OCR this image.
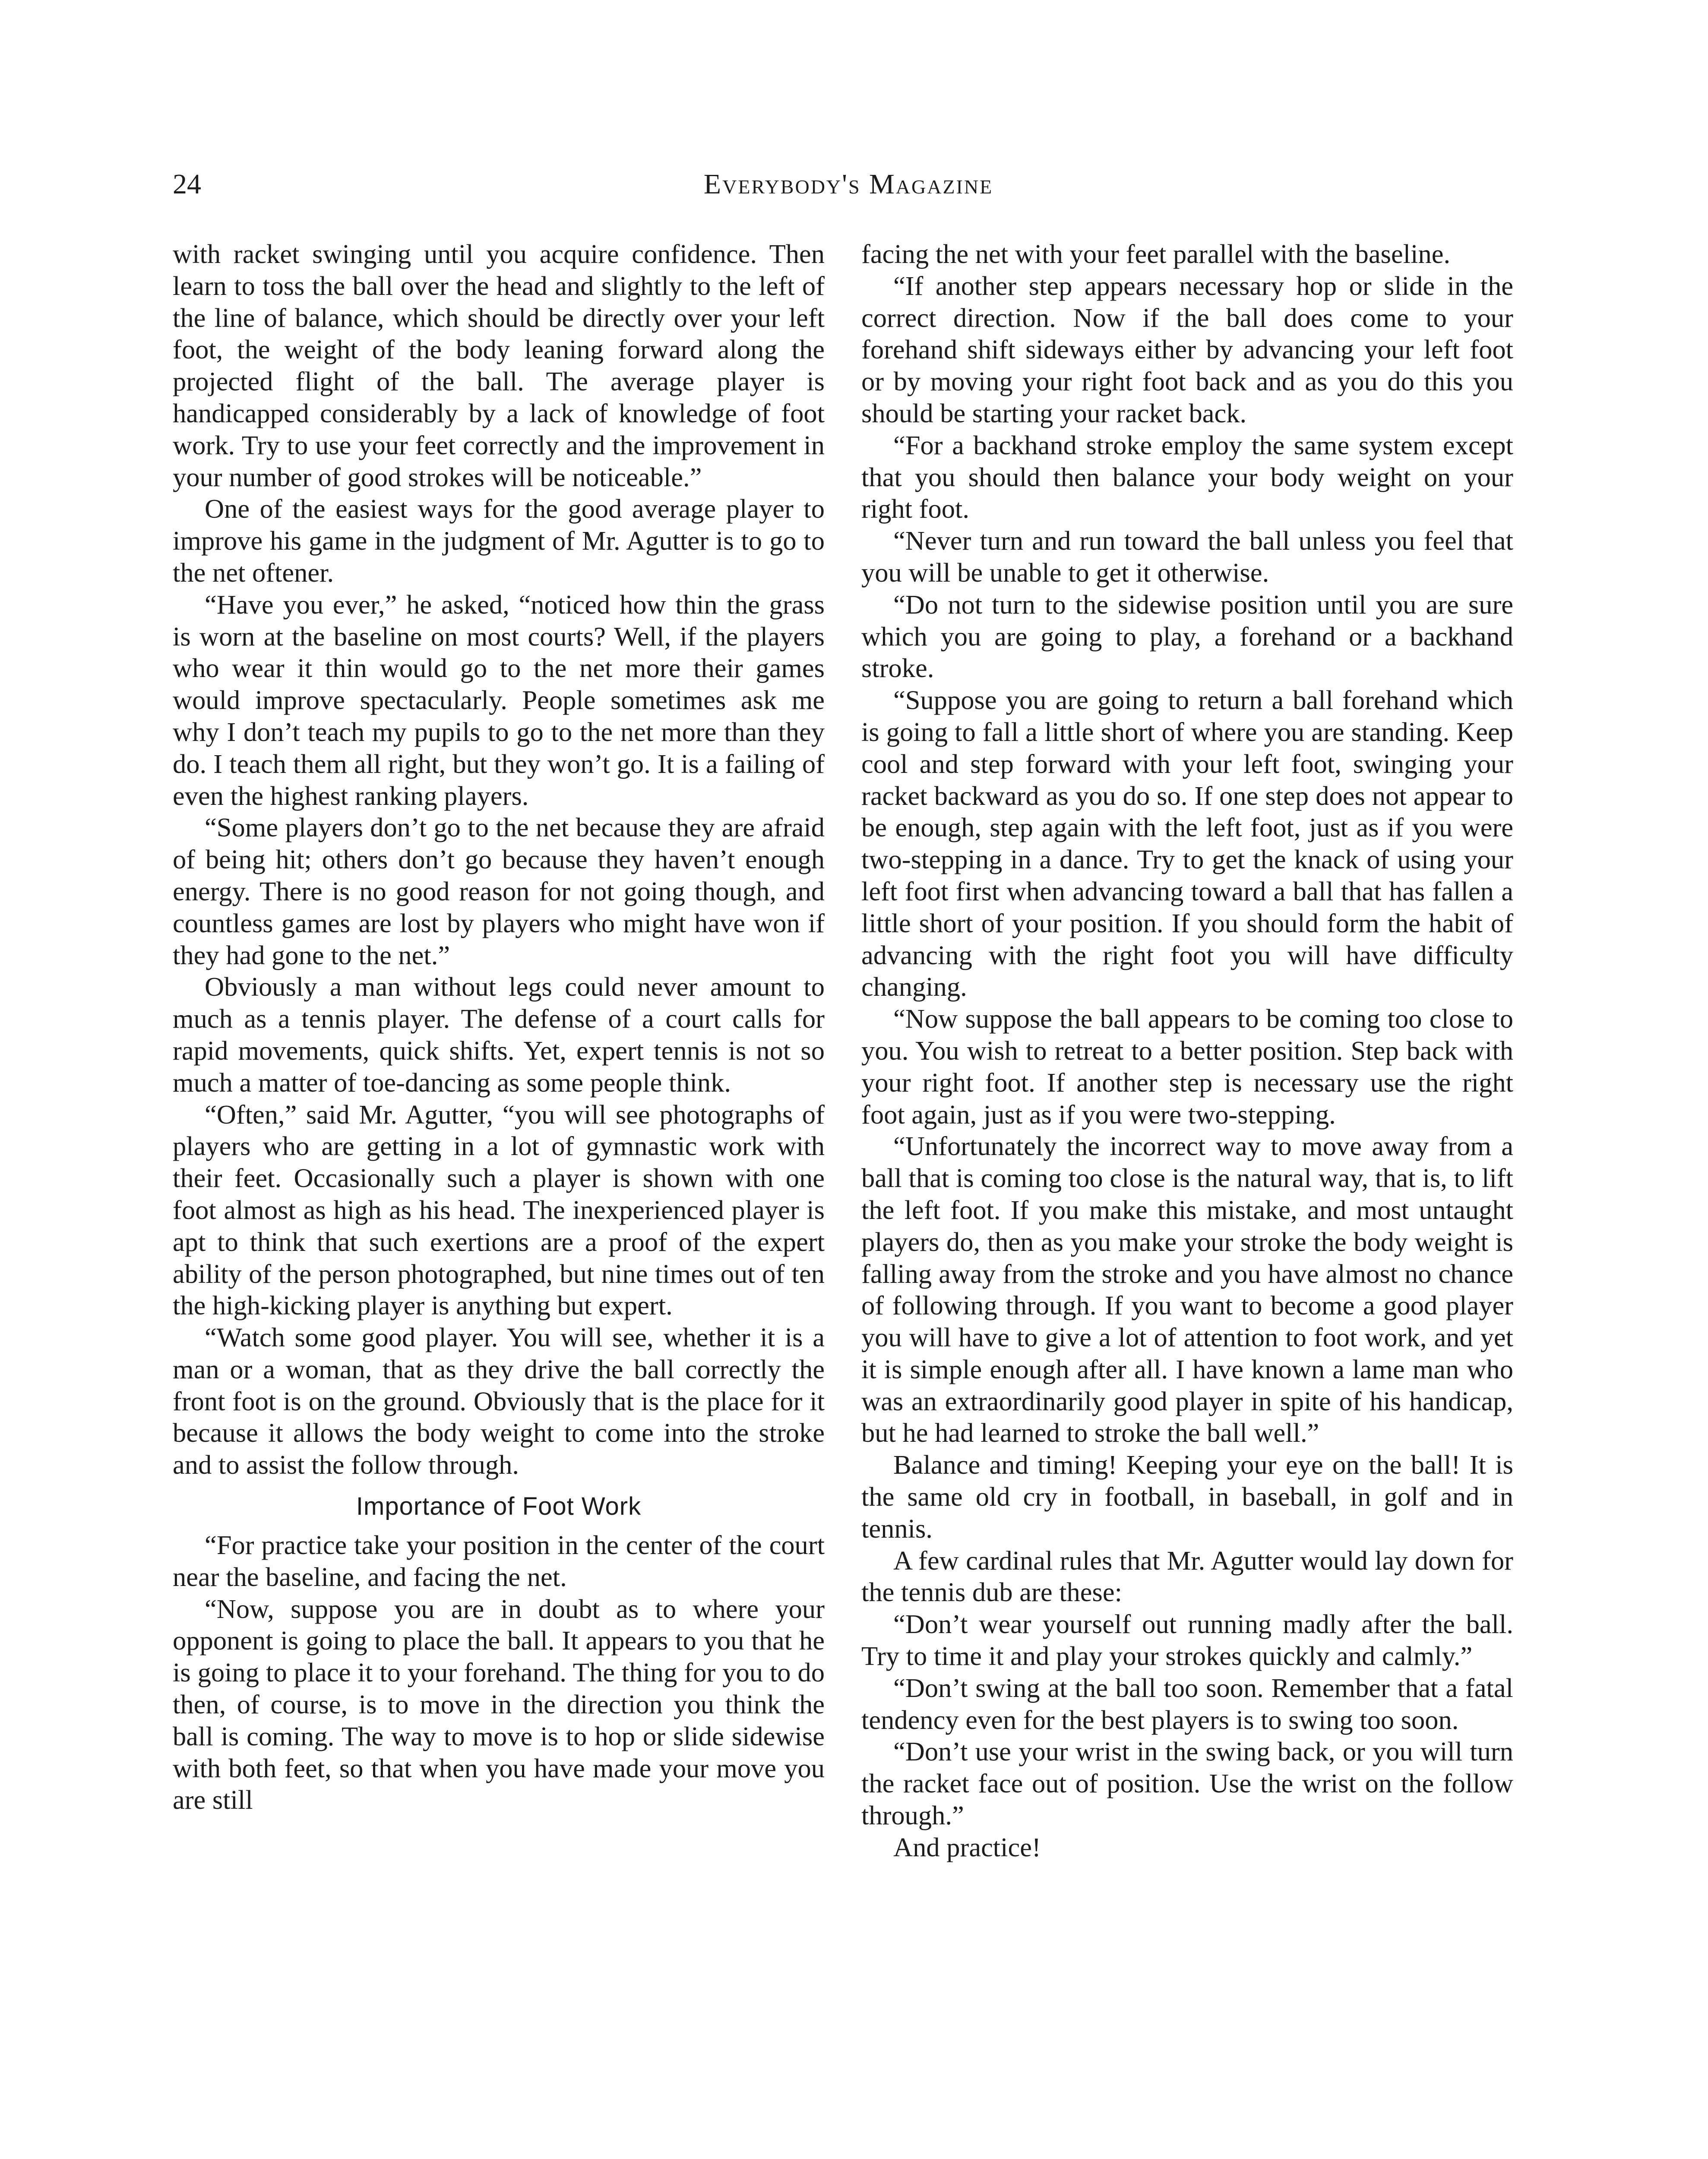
24	Everybody's Magazine

with racket swinging until you acquire confidence. Then learn to toss the ball over the head and slightly to the left of the line of balance, which should be directly over your left foot, the weight of the body leaning forward along the projected flight of the ball. The average player is handicapped considerably by a lack of knowledge of foot work. Try to use your feet correctly and the improvement in your number of good strokes will be noticeable.”

One of the easiest ways for the good average player to improve his game in the judgment of Mr. Agutter is to go to the net oftener.

“Have you ever,” he asked, “noticed how thin the grass is worn at the baseline on most courts? Well, if the players who wear it thin would go to the net more their games would improve spectacularly. People sometimes ask me why I don’t teach my pupils to go to the net more than they do. I teach them all right, but they won’t go. It is a failing of even the highest ranking players.

“Some players don’t go to the net because they are afraid of being hit; others don’t go because they haven’t enough energy. There is no good reason for not going though, and countless games are lost by players who might have won if they had gone to the net.”

Obviously a man without legs could never amount to much as a tennis player. The defense of a court calls for rapid movements, quick shifts. Yet, expert tennis is not so much a matter of toe-dancing as some people think.

“Often,” said Mr. Agutter, “you will see photographs of players who are getting in a lot of gymnastic work with their feet. Occasionally such a player is shown with one foot almost as high as his head. The inexperienced player is apt to think that such exertions are a proof of the expert ability of the person photographed, but nine times out of ten the high-kicking player is anything but expert.

“Watch some good player. You will see, whether it is a man or a woman, that as they drive the ball correctly the front foot is on the ground. Obviously that is the place for it because it allows the body weight to come into the stroke and to assist the follow through.

Importance of Foot Work

“For practice take your position in the center of the court near the baseline, and facing the net.

“Now, suppose you are in doubt as to where your opponent is going to place the ball. It appears to you that he is going to place it to your forehand. The thing for you to do then, of course, is to move in the direction you think the ball is coming. The way to move is to hop or slide sidewise with both feet, so that when you have made your move you are still

facing the net with your feet parallel with the baseline.

“If another step appears necessary hop or slide in the correct direction. Now if the ball does come to your forehand shift sideways either by advancing your left foot or by moving your right foot back and as you do this you should be starting your racket back.

“For a backhand stroke employ the same system except that you should then balance your body weight on your right foot.

“Never turn and run toward the ball unless you feel that you will be unable to get it otherwise.

“Do not turn to the sidewise position until you are sure which you are going to play, a forehand or a backhand stroke.

“Suppose you are going to return a ball forehand which is going to fall a little short of where you are standing. Keep cool and step forward with your left foot, swinging your racket backward as you do so. If one step does not appear to be enough, step again with the left foot, just as if you were two-stepping in a dance. Try to get the knack of using your left foot first when advancing toward a ball that has fallen a little short of your position. If you should form the habit of advancing with the right foot you will have difficulty changing.

“Now suppose the ball appears to be coming too close to you. You wish to retreat to a better position. Step back with your right foot. If another step is necessary use the right foot again, just as if you were two-stepping.

“Unfortunately the incorrect way to move away from a ball that is coming too close is the natural way, that is, to lift the left foot. If you make this mistake, and most untaught players do, then as you make your stroke the body weight is falling away from the stroke and you have almost no chance of following through. If you want to become a good player you will have to give a lot of attention to foot work, and yet it is simple enough after all. I have known a lame man who was an extraordinarily good player in spite of his handicap, but he had learned to stroke the ball well.”

Balance and timing! Keeping your eye on the ball! It is the same old cry in football, in baseball, in golf and in tennis.

A few cardinal rules that Mr. Agutter would lay down for the tennis dub are these:

“Don’t wear yourself out running madly after the ball. Try to time it and play your strokes quickly and calmly.”

“Don’t swing at the ball too soon. Remember that a fatal tendency even for the best players is to swing too soon.

“Don’t use your wrist in the swing back, or you will turn the racket face out of position. Use the wrist on the follow through.”

And practice!
